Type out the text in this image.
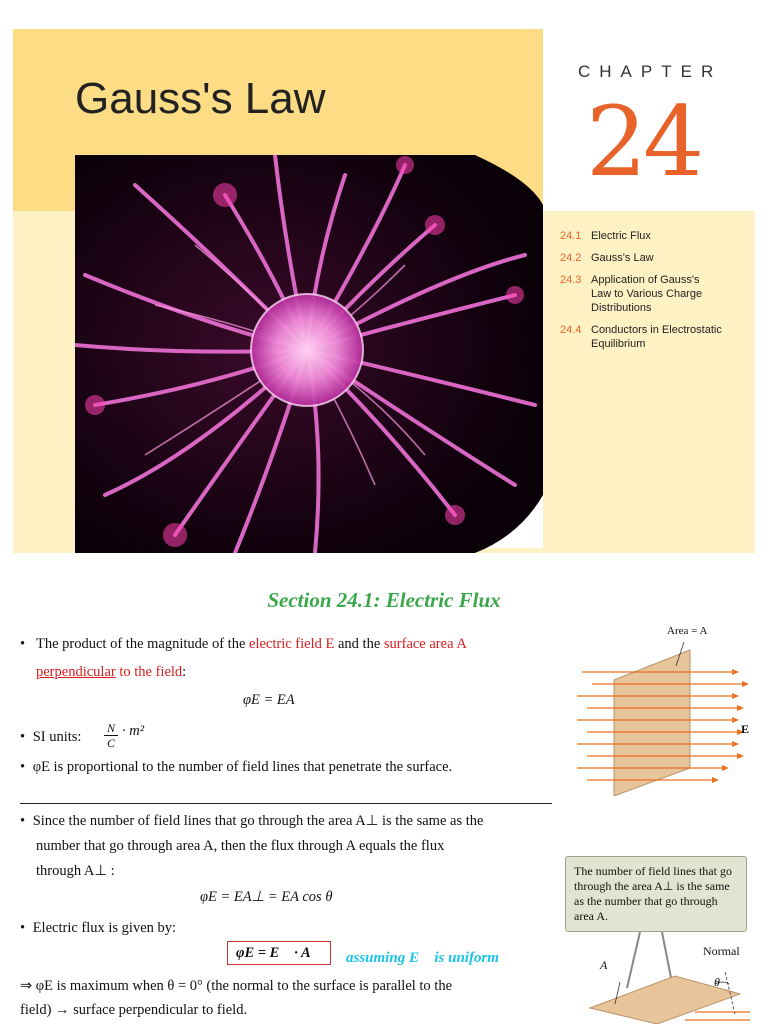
Gauss's Law
CHAPTER
24
24.1 Electric Flux
24.2 Gauss's Law
24.3 Application of Gauss's Law to Various Charge Distributions
24.4 Conductors in Electrostatic Equilibrium
Section 24.1: Electric Flux
• The product of the magnitude of the electric field E and the surface area A
perpendicular to the field:
φE = EA
• SI units: $\frac{N}{C} \cdot m^2$
• φE is proportional to the number of field lines that penetrate the surface.
• Since the number of field lines that go through the area A⊥ is the same as the
number that go through area A, then the flux through A equals the flux
through A⊥ :
φE = EA⊥ = EA cos θ
• Electric flux is given by:
φE = E⃗ · A⃗	assuming E⃗ is uniform
⇒ φE is maximum when θ = 0° (the normal to the surface is parallel to the
field) → surface perpendicular to field.
Area = A
E⃗
The number of field lines that go through the area A⊥ is the same as the number that go through area A.
Normal
A
θ
